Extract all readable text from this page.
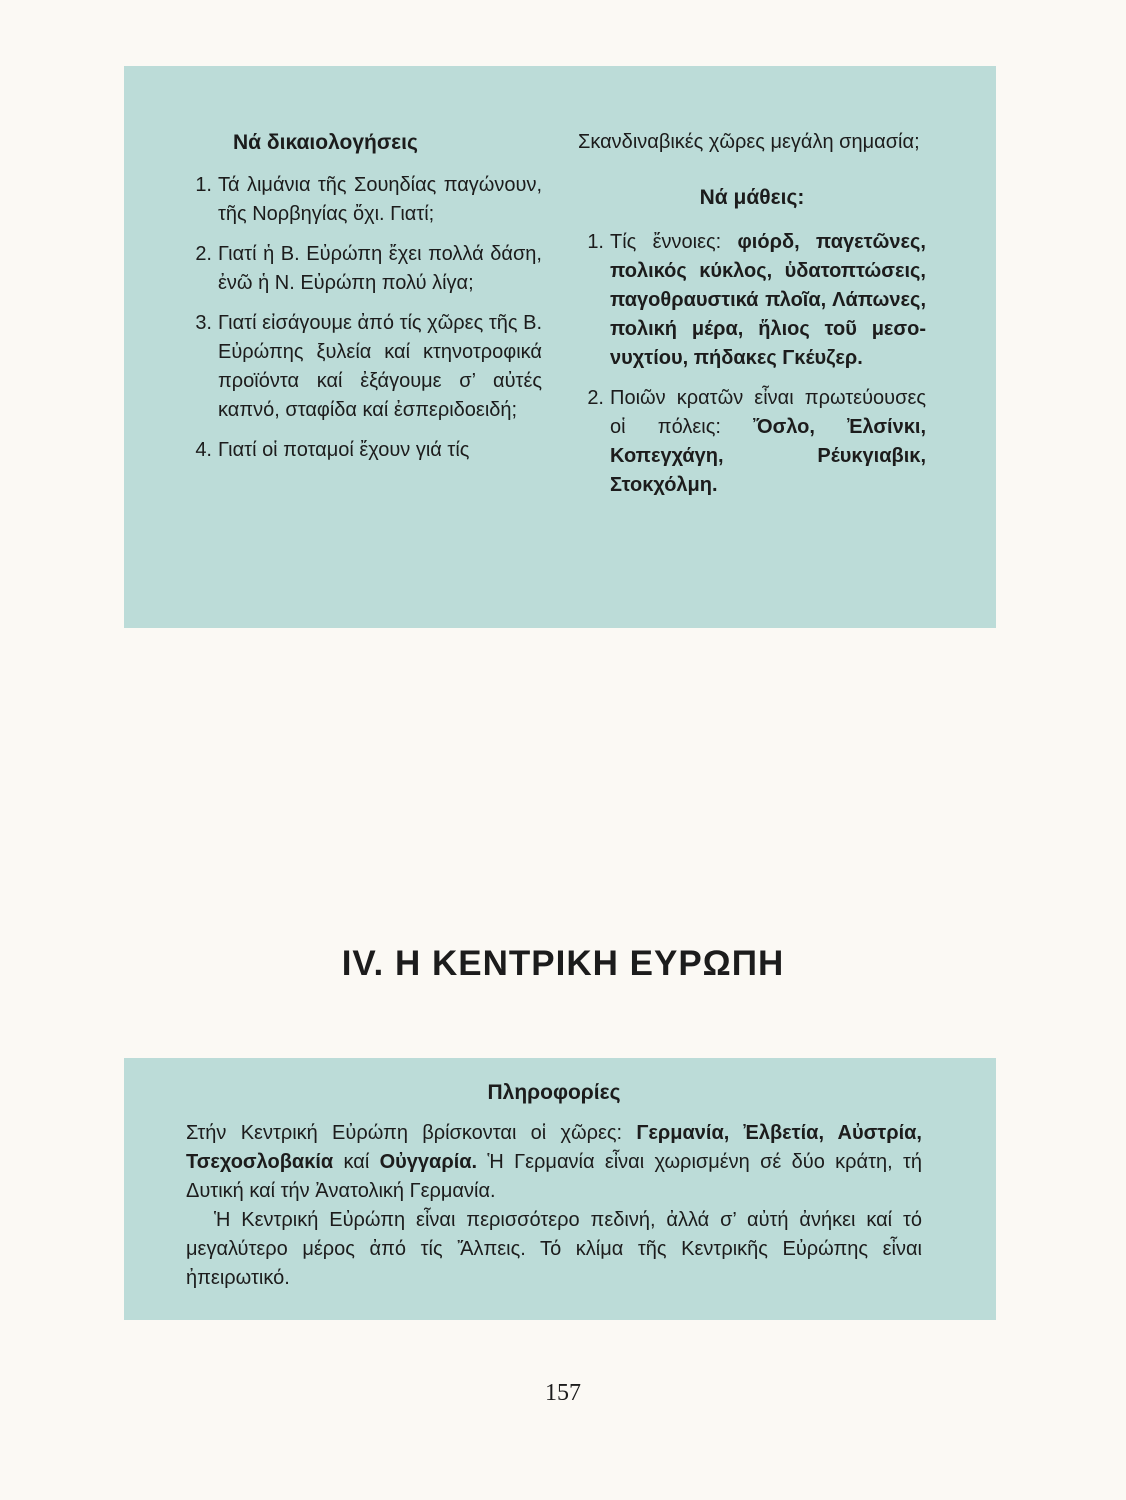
Νά δικαιολογήσεις
1. Τά λιμάνια τῆς Σουηδίας παγώνουν, τῆς Νορβηγίας ὄχι. Γιατί;
2. Γιατί ἡ Β. Εὐρώπη ἔχει πολλά δάση, ἐνῶ ἡ Ν. Εὐρώπη πολύ λίγα;
3. Γιατί εἰσάγουμε ἀπό τίς χῶρες τῆς Β. Εὐρώπης ξυλεία καί κτηνοτροφικά προϊόντα καί ἐξάγουμε σ’ αὐτές καπνό, σταφίδα καί ἐσπεριδοειδή;
4. Γιατί οἱ ποταμοί ἔχουν γιά τίς

Σκανδιναβικές χῶρες μεγάλη σημασία;

Νά μάθεις:
1. Τίς ἔννοιες: φιόρδ, παγετῶνες, πολικός κύκλος, ὑδατοπτώσεις, παγοθραυστικά πλοῖα, Λάπωνες, πολική μέρα, ἥλιος τοῦ μεσονυχτίου, πήδακες Γκέυζερ.
2. Ποιῶν κρατῶν εἶναι πρωτεύουσες οἱ πόλεις: Ὄσλο, Ἐλσίνκι, Κοπεγχάγη, Ρέυκγιαβικ, Στοκχόλμη.
IV. Η ΚΕΝΤΡΙΚΗ ΕΥΡΩΠΗ
Πληροφορίες

Στήν Κεντρική Εὐρώπη βρίσκονται οἱ χῶρες: Γερμανία, Ἐλβετία, Αὐστρία, Τσεχοσλοβακία καί Οὐγγαρία. Ἡ Γερμανία εἶναι χωρισμένη σέ δύο κράτη, τή Δυτική καί τήν Ἀνατολική Γερμανία.

Ἡ Κεντρική Εὐρώπη εἶναι περισσότερο πεδινή, ἀλλά σ’ αὐτή ἀνήκει καί τό μεγαλύτερο μέρος ἀπό τίς Ἄλπεις. Τό κλίμα τῆς Κεντρικῆς Εὐρώπης εἶναι ἠπειρωτικό.

157
